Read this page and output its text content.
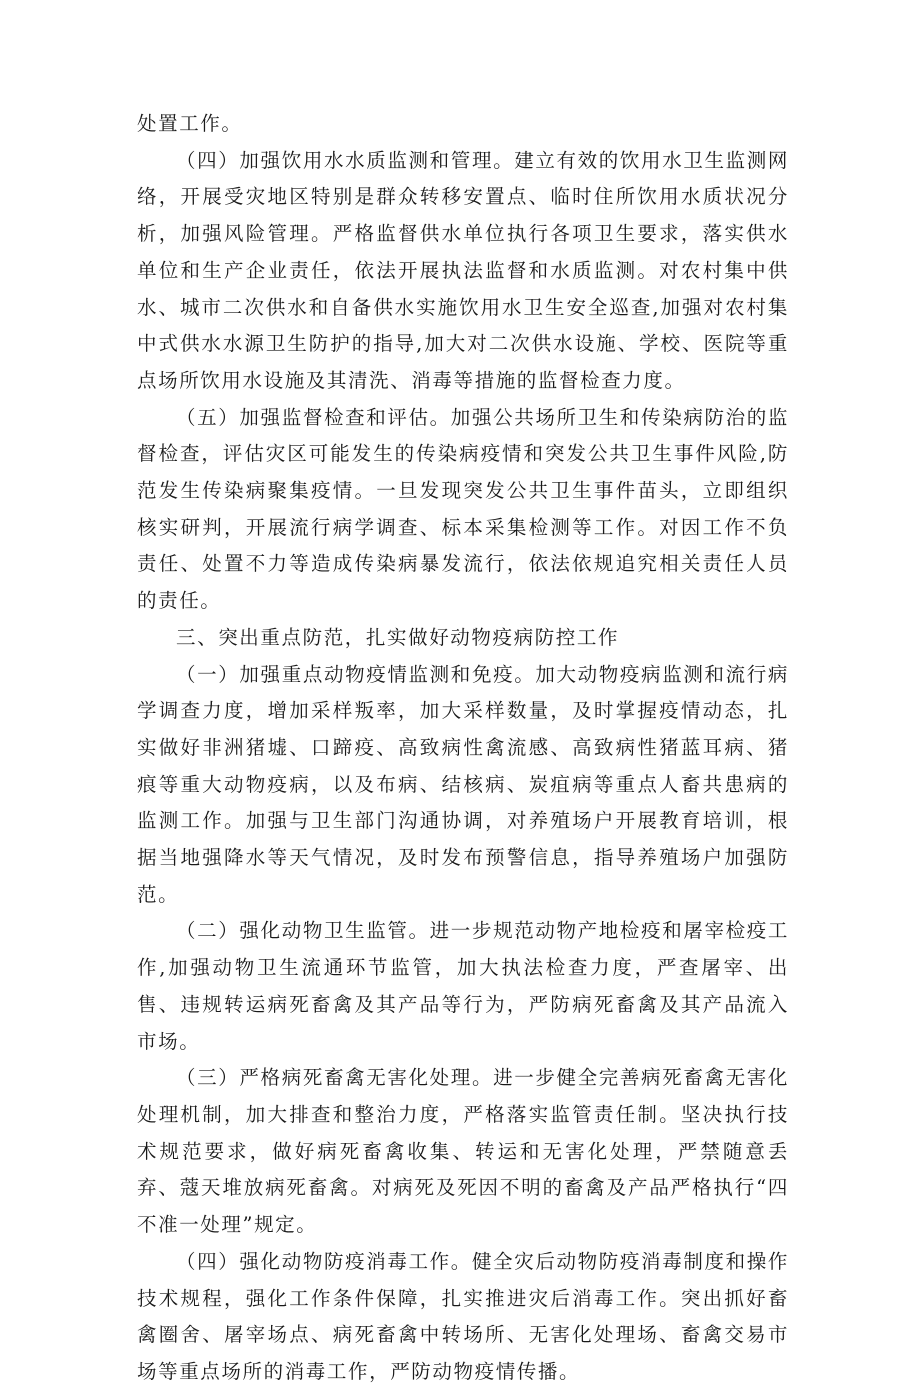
处置工作。

（四）加强饮用水水质监测和管理。建立有效的饮用水卫生监测网络，开展受灾地区特别是群众转移安置点、临时住所饮用水质状况分析，加强风险管理。严格监督供水单位执行各项卫生要求，落实供水单位和生产企业责任，依法开展执法监督和水质监测。对农村集中供水、城市二次供水和自备供水实施饮用水卫生安全巡查,加强对农村集中式供水水源卫生防护的指导,加大对二次供水设施、学校、医院等重点场所饮用水设施及其清洗、消毒等措施的监督检查力度。

（五）加强监督检查和评估。加强公共场所卫生和传染病防治的监督检查，评估灾区可能发生的传染病疫情和突发公共卫生事件风险,防范发生传染病聚集疫情。一旦发现突发公共卫生事件苗头，立即组织核实研判，开展流行病学调查、标本采集检测等工作。对因工作不负责任、处置不力等造成传染病暴发流行，依法依规追究相关责任人员的责任。

三、突出重点防范，扎实做好动物疫病防控工作

（一）加强重点动物疫情监测和免疫。加大动物疫病监测和流行病学调查力度，增加采样叛率，加大采样数量，及时掌握疫情动态，扎实做好非洲猪墟、口蹄疫、高致病性禽流感、高致病性猪蓝耳病、猪痕等重大动物疫病，以及布病、结核病、炭疽病等重点人畜共患病的监测工作。加强与卫生部门沟通协调，对养殖场户开展教育培训，根据当地强降水等天气情况，及时发布预警信息，指导养殖场户加强防范。

（二）强化动物卫生监管。进一步规范动物产地检疫和屠宰检疫工作,加强动物卫生流通环节监管，加大执法检查力度，严查屠宰、出售、违规转运病死畜禽及其产品等行为，严防病死畜禽及其产品流入市场。

（三）严格病死畜禽无害化处理。进一步健全完善病死畜禽无害化处理机制，加大排查和整治力度，严格落实监管责任制。坚决执行技术规范要求，做好病死畜禽收集、转运和无害化处理，严禁随意丢弃、蔻天堆放病死畜禽。对病死及死因不明的畜禽及产品严格执行“四不准一处理”规定。

（四）强化动物防疫消毒工作。健全灾后动物防疫消毒制度和操作技术规程，强化工作条件保障，扎实推进灾后消毒工作。突出抓好畜禽圈舍、屠宰场点、病死畜禽中转场所、无害化处理场、畜禽交易市场等重点场所的消毒工作，严防动物疫情传播。
